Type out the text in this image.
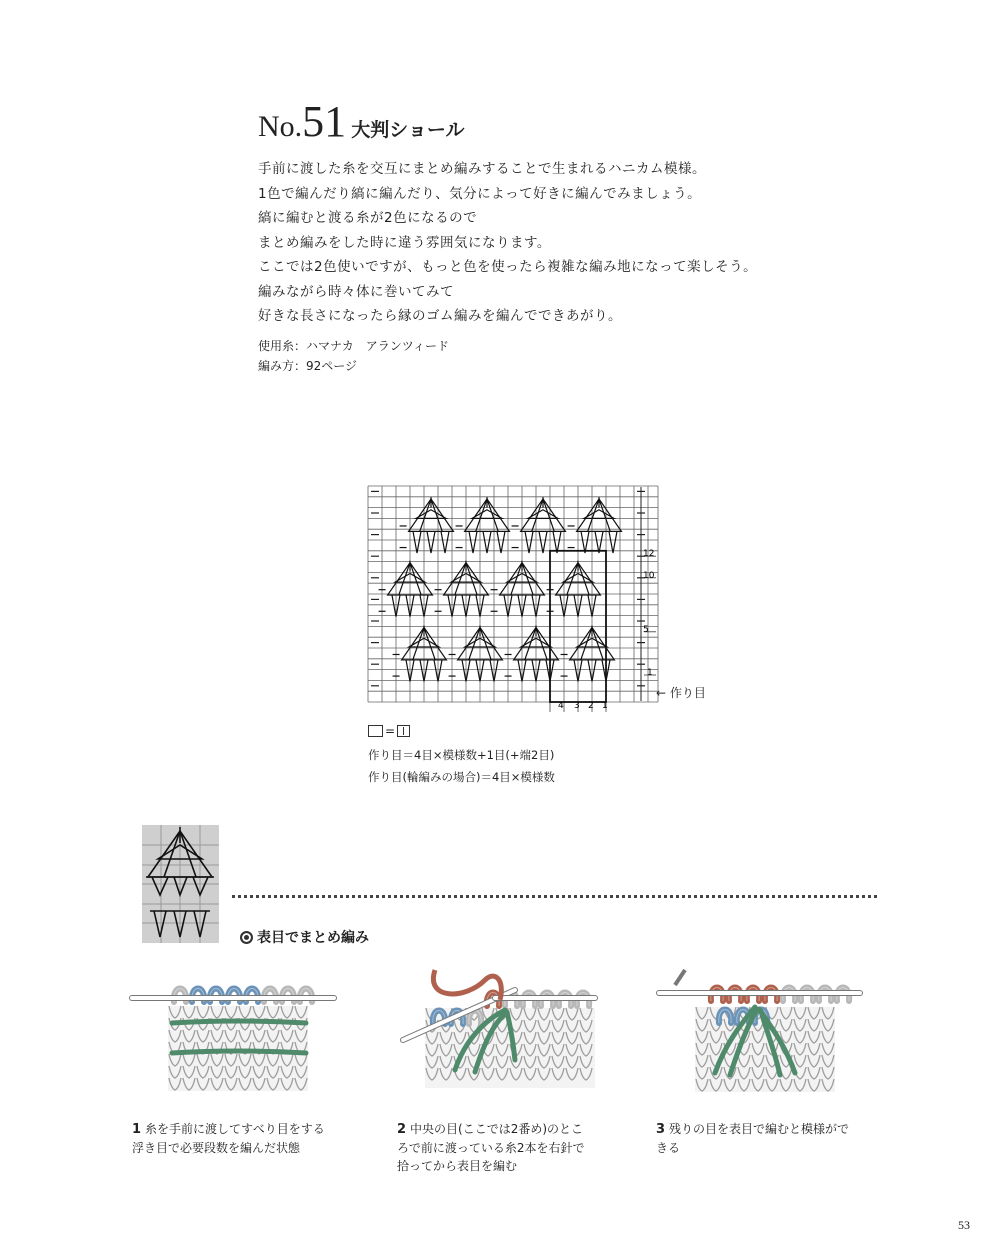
No.51 大判ショール

手前に渡した糸を交互にまとめ編みすることで生まれるハニカム模様。

1色で編んだり縞に編んだり、気分によって好きに編んでみましょう。

縞に編むと渡る糸が2色になるので

まとめ編みをした時に違う雰囲気になります。

ここでは2色使いですが、もっと色を使ったら複雑な編み地になって楽しそう。

編みながら時々体に巻いてみて

好きな長さになったら縁のゴム編みを編んでできあがり。

使用糸：ハマナカ　アランツィード

編み方：92ページ

12
10
5
1
4 3 2 1
← 作り目
=

作り目＝4目×模様数+1目(+端2目)

作り目(輪編みの場合)＝4目×模様数

表目でまとめ編み
1 糸を手前に渡してすべり目をする
浮き目で必要段数を編んだ状態
2 中央の目(ここでは2番め)のとこ
ろで前に渡っている糸2本を右針で
拾ってから表目を編む
3 残りの目を表目で編むと模様がで
きる
53
